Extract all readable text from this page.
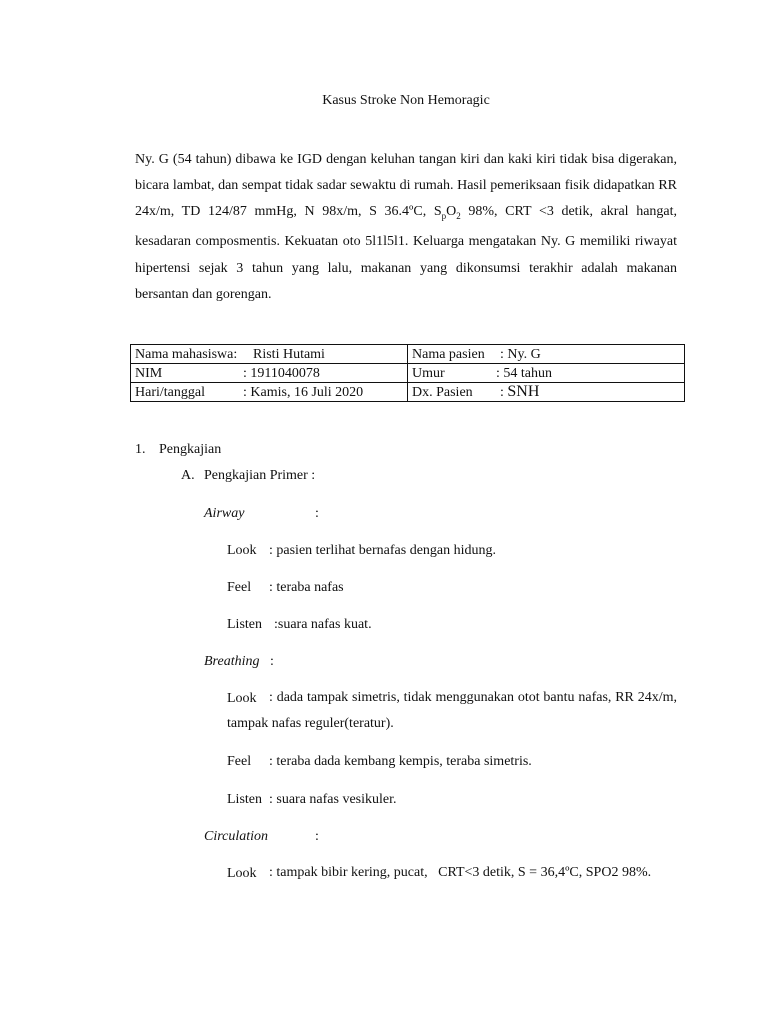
Kasus Stroke Non Hemoragic
Ny. G (54 tahun) dibawa ke IGD dengan keluhan tangan kiri dan kaki kiri tidak bisa digerakan, bicara lambat, dan sempat tidak sadar sewaktu di rumah. Hasil pemeriksaan fisik didapatkan RR 24x/m, TD 124/87 mmHg, N 98x/m, S 36.4ºC, $S_pO_2$ 98%, CRT <3 detik, akral hangat, kesadaran composmentis. Kekuatan oto 5l1l5l1. Keluarga mengatakan Ny. G memiliki riwayat hipertensi sejak 3 tahun yang lalu, makanan yang dikonsumsi terakhir adalah makanan bersantan dan gorengan.
Nama mahasiswa: Risti Hutami	Nama pasien : Ny. G
NIM : 1911040078	Umur : 54 tahun
Hari/tanggal : Kamis, 16 Juli 2020	Dx. Pasien : SNH
1. Pengkajian
A. Pengkajian Primer :
Airway	:
Look : pasien terlihat bernafas dengan hidung.
Feel : teraba nafas
Listen :suara nafas kuat.
Breathing :
Look : dada tampak simetris, tidak menggunakan otot bantu nafas, RR 24x/m, tampak nafas reguler(teratur).
Feel : teraba dada kembang kempis, teraba simetris.
Listen : suara nafas vesikuler.
Circulation	:
Look : tampak bibir kering, pucat,   CRT<3 detik, S = 36,4ºC, SPO2 98%.
